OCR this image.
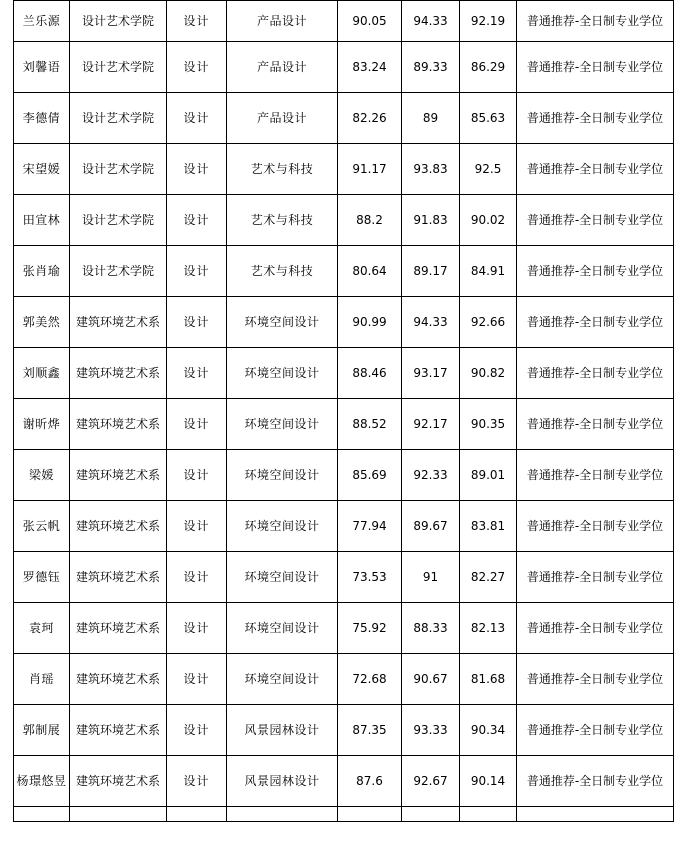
兰乐源	设计艺术学院	设计	产品设计	90.05	94.33	92.19	普通推荐-全日制专业学位
刘馨语	设计艺术学院	设计	产品设计	83.24	89.33	86.29	普通推荐-全日制专业学位
李德倩	设计艺术学院	设计	产品设计	82.26	89	85.63	普通推荐-全日制专业学位
宋望媛	设计艺术学院	设计	艺术与科技	91.17	93.83	92.5	普通推荐-全日制专业学位
田宣林	设计艺术学院	设计	艺术与科技	88.2	91.83	90.02	普通推荐-全日制专业学位
张肖瑜	设计艺术学院	设计	艺术与科技	80.64	89.17	84.91	普通推荐-全日制专业学位
郭美然	建筑环境艺术系	设计	环境空间设计	90.99	94.33	92.66	普通推荐-全日制专业学位
刘顺鑫	建筑环境艺术系	设计	环境空间设计	88.46	93.17	90.82	普通推荐-全日制专业学位
谢昕烨	建筑环境艺术系	设计	环境空间设计	88.52	92.17	90.35	普通推荐-全日制专业学位
梁媛	建筑环境艺术系	设计	环境空间设计	85.69	92.33	89.01	普通推荐-全日制专业学位
张云帆	建筑环境艺术系	设计	环境空间设计	77.94	89.67	83.81	普通推荐-全日制专业学位
罗德钰	建筑环境艺术系	设计	环境空间设计	73.53	91	82.27	普通推荐-全日制专业学位
袁珂	建筑环境艺术系	设计	环境空间设计	75.92	88.33	82.13	普通推荐-全日制专业学位
肖瑶	建筑环境艺术系	设计	环境空间设计	72.68	90.67	81.68	普通推荐-全日制专业学位
郭制展	建筑环境艺术系	设计	风景园林设计	87.35	93.33	90.34	普通推荐-全日制专业学位
杨璟悠昱	建筑环境艺术系	设计	风景园林设计	87.6	92.67	90.14	普通推荐-全日制专业学位
